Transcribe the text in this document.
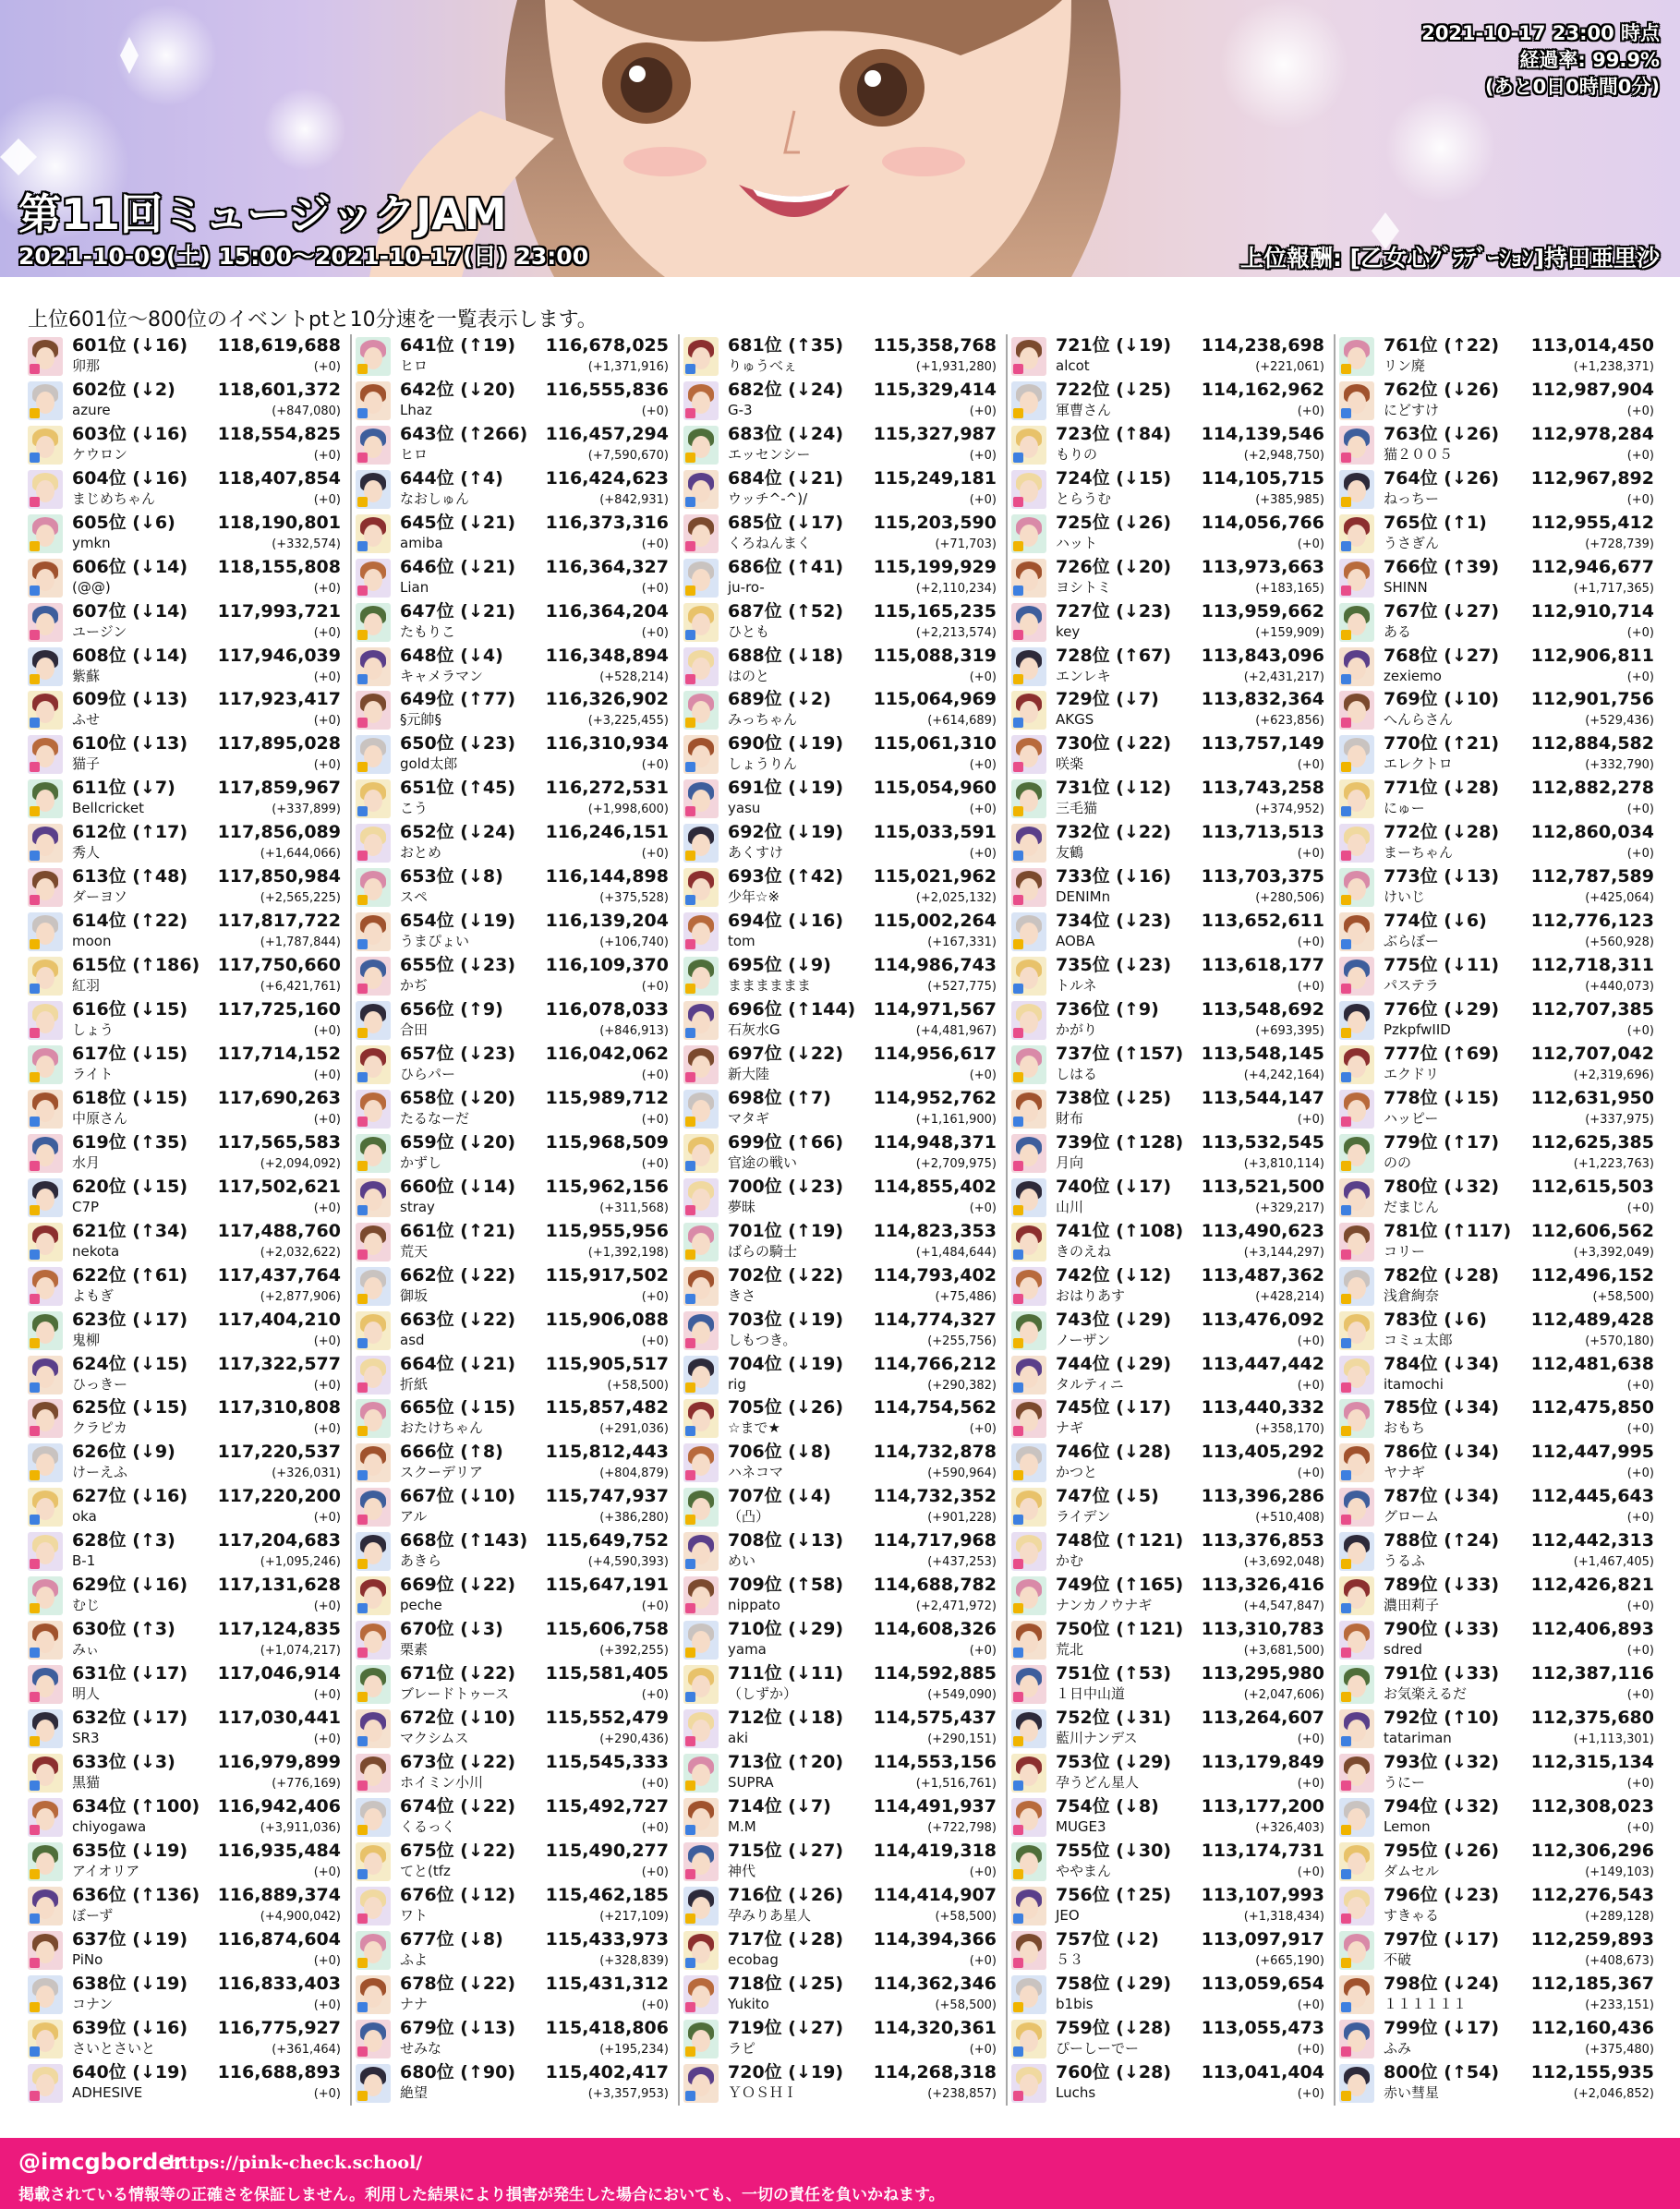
第11回ミュージックJAM
2021-10-09(土) 15:00～2021-10-17(日) 23:00
2021-10-17 23:00 時点
経過率: 99.9%
(あと0日0時間0分)
上位報酬: [乙女心ｸﾞﾗﾃﾞｰｼｮﾝ]持田亜里沙
上位601位～800位のイベントptと10分速を一覧表示します。
601位 (↓16) 118,619,688
卯那	(+0)
602位 (↓2) 118,601,372
azure	(+847,080)
603位 (↓16) 118,554,825
ケウロン	(+0)
604位 (↓16) 118,407,854
まじめちゃん	(+0)
605位 (↓6) 118,190,801
ymkn	(+332,574)
606位 (↓14) 118,155,808
(@@)	(+0)
607位 (↓14) 117,993,721
ユージン	(+0)
608位 (↓14) 117,946,039
紫蘇	(+0)
609位 (↓13) 117,923,417
ふせ	(+0)
610位 (↓13) 117,895,028
猫子	(+0)
611位 (↓7) 117,859,967
Bellcricket	(+337,899)
612位 (↑17) 117,856,089
秀人	(+1,644,066)
613位 (↑48) 117,850,984
ダーヨソ	(+2,565,225)
614位 (↑22) 117,817,722
moon	(+1,787,844)
615位 (↑186) 117,750,660
紅羽	(+6,421,761)
616位 (↓15) 117,725,160
しょう	(+0)
617位 (↓15) 117,714,152
ライト	(+0)
618位 (↓15) 117,690,263
中原さん	(+0)
619位 (↑35) 117,565,583
水月	(+2,094,092)
620位 (↓15) 117,502,621
C7P	(+0)
621位 (↑34) 117,488,760
nekota	(+2,032,622)
622位 (↑61) 117,437,764
よもぎ	(+2,877,906)
623位 (↓17) 117,404,210
鬼柳	(+0)
624位 (↓15) 117,322,577
ひっきー	(+0)
625位 (↓15) 117,310,808
クラピカ	(+0)
626位 (↓9) 117,220,537
けーえふ	(+326,031)
627位 (↓16) 117,220,200
oka	(+0)
628位 (↑3) 117,204,683
B-1	(+1,095,246)
629位 (↓16) 117,131,628
むじ	(+0)
630位 (↑3) 117,124,835
みぃ	(+1,074,217)
631位 (↓17) 117,046,914
明人	(+0)
632位 (↓17) 117,030,441
SR3	(+0)
633位 (↓3) 116,979,899
黒猫	(+776,169)
634位 (↑100) 116,942,406
chiyogawa	(+3,911,036)
635位 (↓19) 116,935,484
アイオリア	(+0)
636位 (↑136) 116,889,374
ぼーず	(+4,900,042)
637位 (↓19) 116,874,604
PiNo	(+0)
638位 (↓19) 116,833,403
コナン	(+0)
639位 (↓16) 116,775,927
さいとさいと	(+361,464)
640位 (↓19) 116,688,893
ADHESIVE	(+0)
641位 (↑19) 116,678,025
ヒロ	(+1,371,916)
642位 (↓20) 116,555,836
Lhaz	(+0)
643位 (↑266) 116,457,294
ヒロ	(+7,590,670)
644位 (↑4) 116,424,623
なおしゅん	(+842,931)
645位 (↓21) 116,373,316
amiba	(+0)
646位 (↓21) 116,364,327
Lian	(+0)
647位 (↓21) 116,364,204
たもりこ	(+0)
648位 (↓4) 116,348,894
キャメラマン	(+528,214)
649位 (↑77) 116,326,902
§元帥§	(+3,225,455)
650位 (↓23) 116,310,934
gold太郎	(+0)
651位 (↑45) 116,272,531
こう	(+1,998,600)
652位 (↓24) 116,246,151
おとめ	(+0)
653位 (↓8) 116,144,898
スペ	(+375,528)
654位 (↓19) 116,139,204
うまぴょい	(+106,740)
655位 (↓23) 116,109,370
かぢ	(+0)
656位 (↑9) 116,078,033
合田	(+846,913)
657位 (↓23) 116,042,062
ひらパー	(+0)
658位 (↓20) 115,989,712
たるなーだ	(+0)
659位 (↓20) 115,968,509
かずし	(+0)
660位 (↓14) 115,962,156
stray	(+311,568)
661位 (↑21) 115,955,956
荒天	(+1,392,198)
662位 (↓22) 115,917,502
御坂	(+0)
663位 (↓22) 115,906,088
asd	(+0)
664位 (↓21) 115,905,517
折紙	(+58,500)
665位 (↓15) 115,857,482
おたけちゃん	(+291,036)
666位 (↑8) 115,812,443
スクーデリア	(+804,879)
667位 (↓10) 115,747,937
アル	(+386,280)
668位 (↑143) 115,649,752
あきら	(+4,590,393)
669位 (↓22) 115,647,191
peche	(+0)
670位 (↓3) 115,606,758
栗素	(+392,255)
671位 (↓22) 115,581,405
ブレードトゥース	(+0)
672位 (↓10) 115,552,479
マクシムス	(+290,436)
673位 (↓22) 115,545,333
ホイミン小川	(+0)
674位 (↓22) 115,492,727
くるっく	(+0)
675位 (↓22) 115,490,277
てと(tfz	(+0)
676位 (↓12) 115,462,185
ワト	(+217,109)
677位 (↓8) 115,433,973
ふよ	(+328,839)
678位 (↓22) 115,431,312
ナナ	(+0)
679位 (↓13) 115,418,806
せみな	(+195,234)
680位 (↑90) 115,402,417
絶望	(+3,357,953)
681位 (↑35) 115,358,768
りゅうべぇ	(+1,931,280)
682位 (↓24) 115,329,414
G-3	(+0)
683位 (↓24) 115,327,987
エッセンシー	(+0)
684位 (↓21) 115,249,181
ウッチ^-^)/	(+0)
685位 (↓17) 115,203,590
くろねんまく	(+71,703)
686位 (↑41) 115,199,929
ju-ro-	(+2,110,234)
687位 (↑52) 115,165,235
ひとも	(+2,213,574)
688位 (↓18) 115,088,319
はのと	(+0)
689位 (↓2) 115,064,969
みっちゃん	(+614,689)
690位 (↓19) 115,061,310
しょうりん	(+0)
691位 (↓19) 115,054,960
yasu	(+0)
692位 (↓19) 115,033,591
あくすけ	(+0)
693位 (↑42) 115,021,962
少年☆※	(+2,025,132)
694位 (↓16) 115,002,264
tom	(+167,331)
695位 (↓9) 114,986,743
まままままま	(+527,775)
696位 (↑144) 114,971,567
石灰水G	(+4,481,967)
697位 (↓22) 114,956,617
新大陸	(+0)
698位 (↑7) 114,952,762
マタギ	(+1,161,900)
699位 (↑66) 114,948,371
官途の戦い	(+2,709,975)
700位 (↓23) 114,855,402
夢昧	(+0)
701位 (↑19) 114,823,353
ばらの騎士	(+1,484,644)
702位 (↓22) 114,793,402
きさ	(+75,486)
703位 (↓19) 114,774,327
しもつき。	(+255,756)
704位 (↓19) 114,766,212
rig	(+290,382)
705位 (↓26) 114,754,562
☆まで★	(+0)
706位 (↓8) 114,732,878
ハネコマ	(+590,964)
707位 (↓4) 114,732,352
（凸）	(+901,228)
708位 (↓13) 114,717,968
めい	(+437,253)
709位 (↑58) 114,688,782
nippato	(+2,471,972)
710位 (↓29) 114,608,326
yama	(+0)
711位 (↓11) 114,592,885
（しずか）	(+549,090)
712位 (↓18) 114,575,437
aki	(+290,151)
713位 (↑20) 114,553,156
SUPRA	(+1,516,761)
714位 (↓7) 114,491,937
M.M	(+722,798)
715位 (↓27) 114,419,318
神代	(+0)
716位 (↓26) 114,414,907
孕みりあ星人	(+58,500)
717位 (↓28) 114,394,366
ecobag	(+0)
718位 (↓25) 114,362,346
Yukito	(+58,500)
719位 (↓27) 114,320,361
ラピ	(+0)
720位 (↓19) 114,268,318
ＹＯＳＨＩ	(+238,857)
721位 (↓19) 114,238,698
alcot	(+221,061)
722位 (↓25) 114,162,962
軍曹さん	(+0)
723位 (↑84) 114,139,546
もりの	(+2,948,750)
724位 (↓15) 114,105,715
とらうむ	(+385,985)
725位 (↓26) 114,056,766
ハット	(+0)
726位 (↓20) 113,973,663
ヨシトミ	(+183,165)
727位 (↓23) 113,959,662
key	(+159,909)
728位 (↑67) 113,843,096
エンレキ	(+2,431,217)
729位 (↓7) 113,832,364
AKGS	(+623,856)
730位 (↓22) 113,757,149
咲楽	(+0)
731位 (↓12) 113,743,258
三毛猫	(+374,952)
732位 (↓22) 113,713,513
友鶴	(+0)
733位 (↓16) 113,703,375
DENIMn	(+280,506)
734位 (↓23) 113,652,611
AOBA	(+0)
735位 (↓23) 113,618,177
トルネ	(+0)
736位 (↑9) 113,548,692
かがり	(+693,395)
737位 (↑157) 113,548,145
しはる	(+4,242,164)
738位 (↓25) 113,544,147
財布	(+0)
739位 (↑128) 113,532,545
月向	(+3,810,114)
740位 (↓17) 113,521,500
山川	(+329,217)
741位 (↑108) 113,490,623
きのえね	(+3,144,297)
742位 (↓12) 113,487,362
おはりあす	(+428,214)
743位 (↓29) 113,476,092
ノーザン	(+0)
744位 (↓29) 113,447,442
タルティニ	(+0)
745位 (↓17) 113,440,332
ナギ	(+358,170)
746位 (↓28) 113,405,292
かつと	(+0)
747位 (↓5) 113,396,286
ライデン	(+510,408)
748位 (↑121) 113,376,853
かむ	(+3,692,048)
749位 (↑165) 113,326,416
ナンカノウナギ	(+4,547,847)
750位 (↑121) 113,310,783
荒北	(+3,681,500)
751位 (↑53) 113,295,980
１日中山道	(+2,047,606)
752位 (↓31) 113,264,607
藍川ナンデス	(+0)
753位 (↓29) 113,179,849
孕うどん星人	(+0)
754位 (↓8) 113,177,200
MUGE3	(+326,403)
755位 (↓30) 113,174,731
ややまん	(+0)
756位 (↑25) 113,107,993
JEO	(+1,318,434)
757位 (↓2) 113,097,917
５３	(+665,190)
758位 (↓29) 113,059,654
b1bis	(+0)
759位 (↓28) 113,055,473
ぴーしーでー	(+0)
760位 (↓28) 113,041,404
Luchs	(+0)
761位 (↑22) 113,014,450
リン廃	(+1,238,371)
762位 (↓26) 112,987,904
にどすけ	(+0)
763位 (↓26) 112,978,284
猫２００５	(+0)
764位 (↓26) 112,967,892
ねっちー	(+0)
765位 (↑1)	112,955,412
うさぎん	(+728,739)
766位 (↑39) 112,946,677
SHINN	(+1,717,365)
767位 (↓27) 112,910,714
ある	(+0)
768位 (↓27) 112,906,811
zexiemo	(+0)
769位 (↓10) 112,901,756
へんらさん	(+529,436)
770位 (↑21) 112,884,582
エレクトロ	(+332,790)
771位 (↓28) 112,882,278
にゅー	(+0)
772位 (↓28) 112,860,034
まーちゃん	(+0)
773位 (↓13) 112,787,589
けいじ	(+425,064)
774位 (↓6)	112,776,123
ぶらぼー	(+560,928)
775位 (↓11) 112,718,311
パステラ	(+440,073)
776位 (↓29) 112,707,385
PzkpfwIID	(+0)
777位 (↑69) 112,707,042
エクドリ	(+2,319,696)
778位 (↓15) 112,631,950
ハッピー	(+337,975)
779位 (↑17) 112,625,385
のの	(+1,223,763)
780位 (↓32) 112,615,503
だまじん	(+0)
781位 (↑117) 112,606,562
コリー	(+3,392,049)
782位 (↓28) 112,496,152
浅倉絢奈	(+58,500)
783位 (↓6)	112,489,428
コミュ太郎	(+570,180)
784位 (↓34) 112,481,638
itamochi	(+0)
785位 (↓34) 112,475,850
おもち	(+0)
786位 (↓34) 112,447,995
ヤナギ	(+0)
787位 (↓34) 112,445,643
グローム	(+0)
788位 (↑24) 112,442,313
うるふ	(+1,467,405)
789位 (↓33) 112,426,821
濃田莉子	(+0)
790位 (↓33) 112,406,893
sdred	(+0)
791位 (↓33) 112,387,116
お気楽えるだ	(+0)
792位 (↑10) 112,375,680
tatariman	(+1,113,301)
793位 (↓32) 112,315,134
うにー	(+0)
794位 (↓32) 112,308,023
Lemon	(+0)
795位 (↓26) 112,306,296
ダムセル	(+149,103)
796位 (↓23) 112,276,543
すきゃる	(+289,128)
797位 (↓17) 112,259,893
不破	(+408,673)
798位 (↓24) 112,185,367
１１１１１１	(+233,151)
799位 (↓17) 112,160,436
ふみ	(+375,480)
800位 (↑54) 112,155,935
赤い彗星	(+2,046,852)
@imcgborder
https://pink-check.school/
掲載されている情報等の正確さを保証しません。利用した結果により損害が発生した場合においても、一切の責任を負いかねます。
